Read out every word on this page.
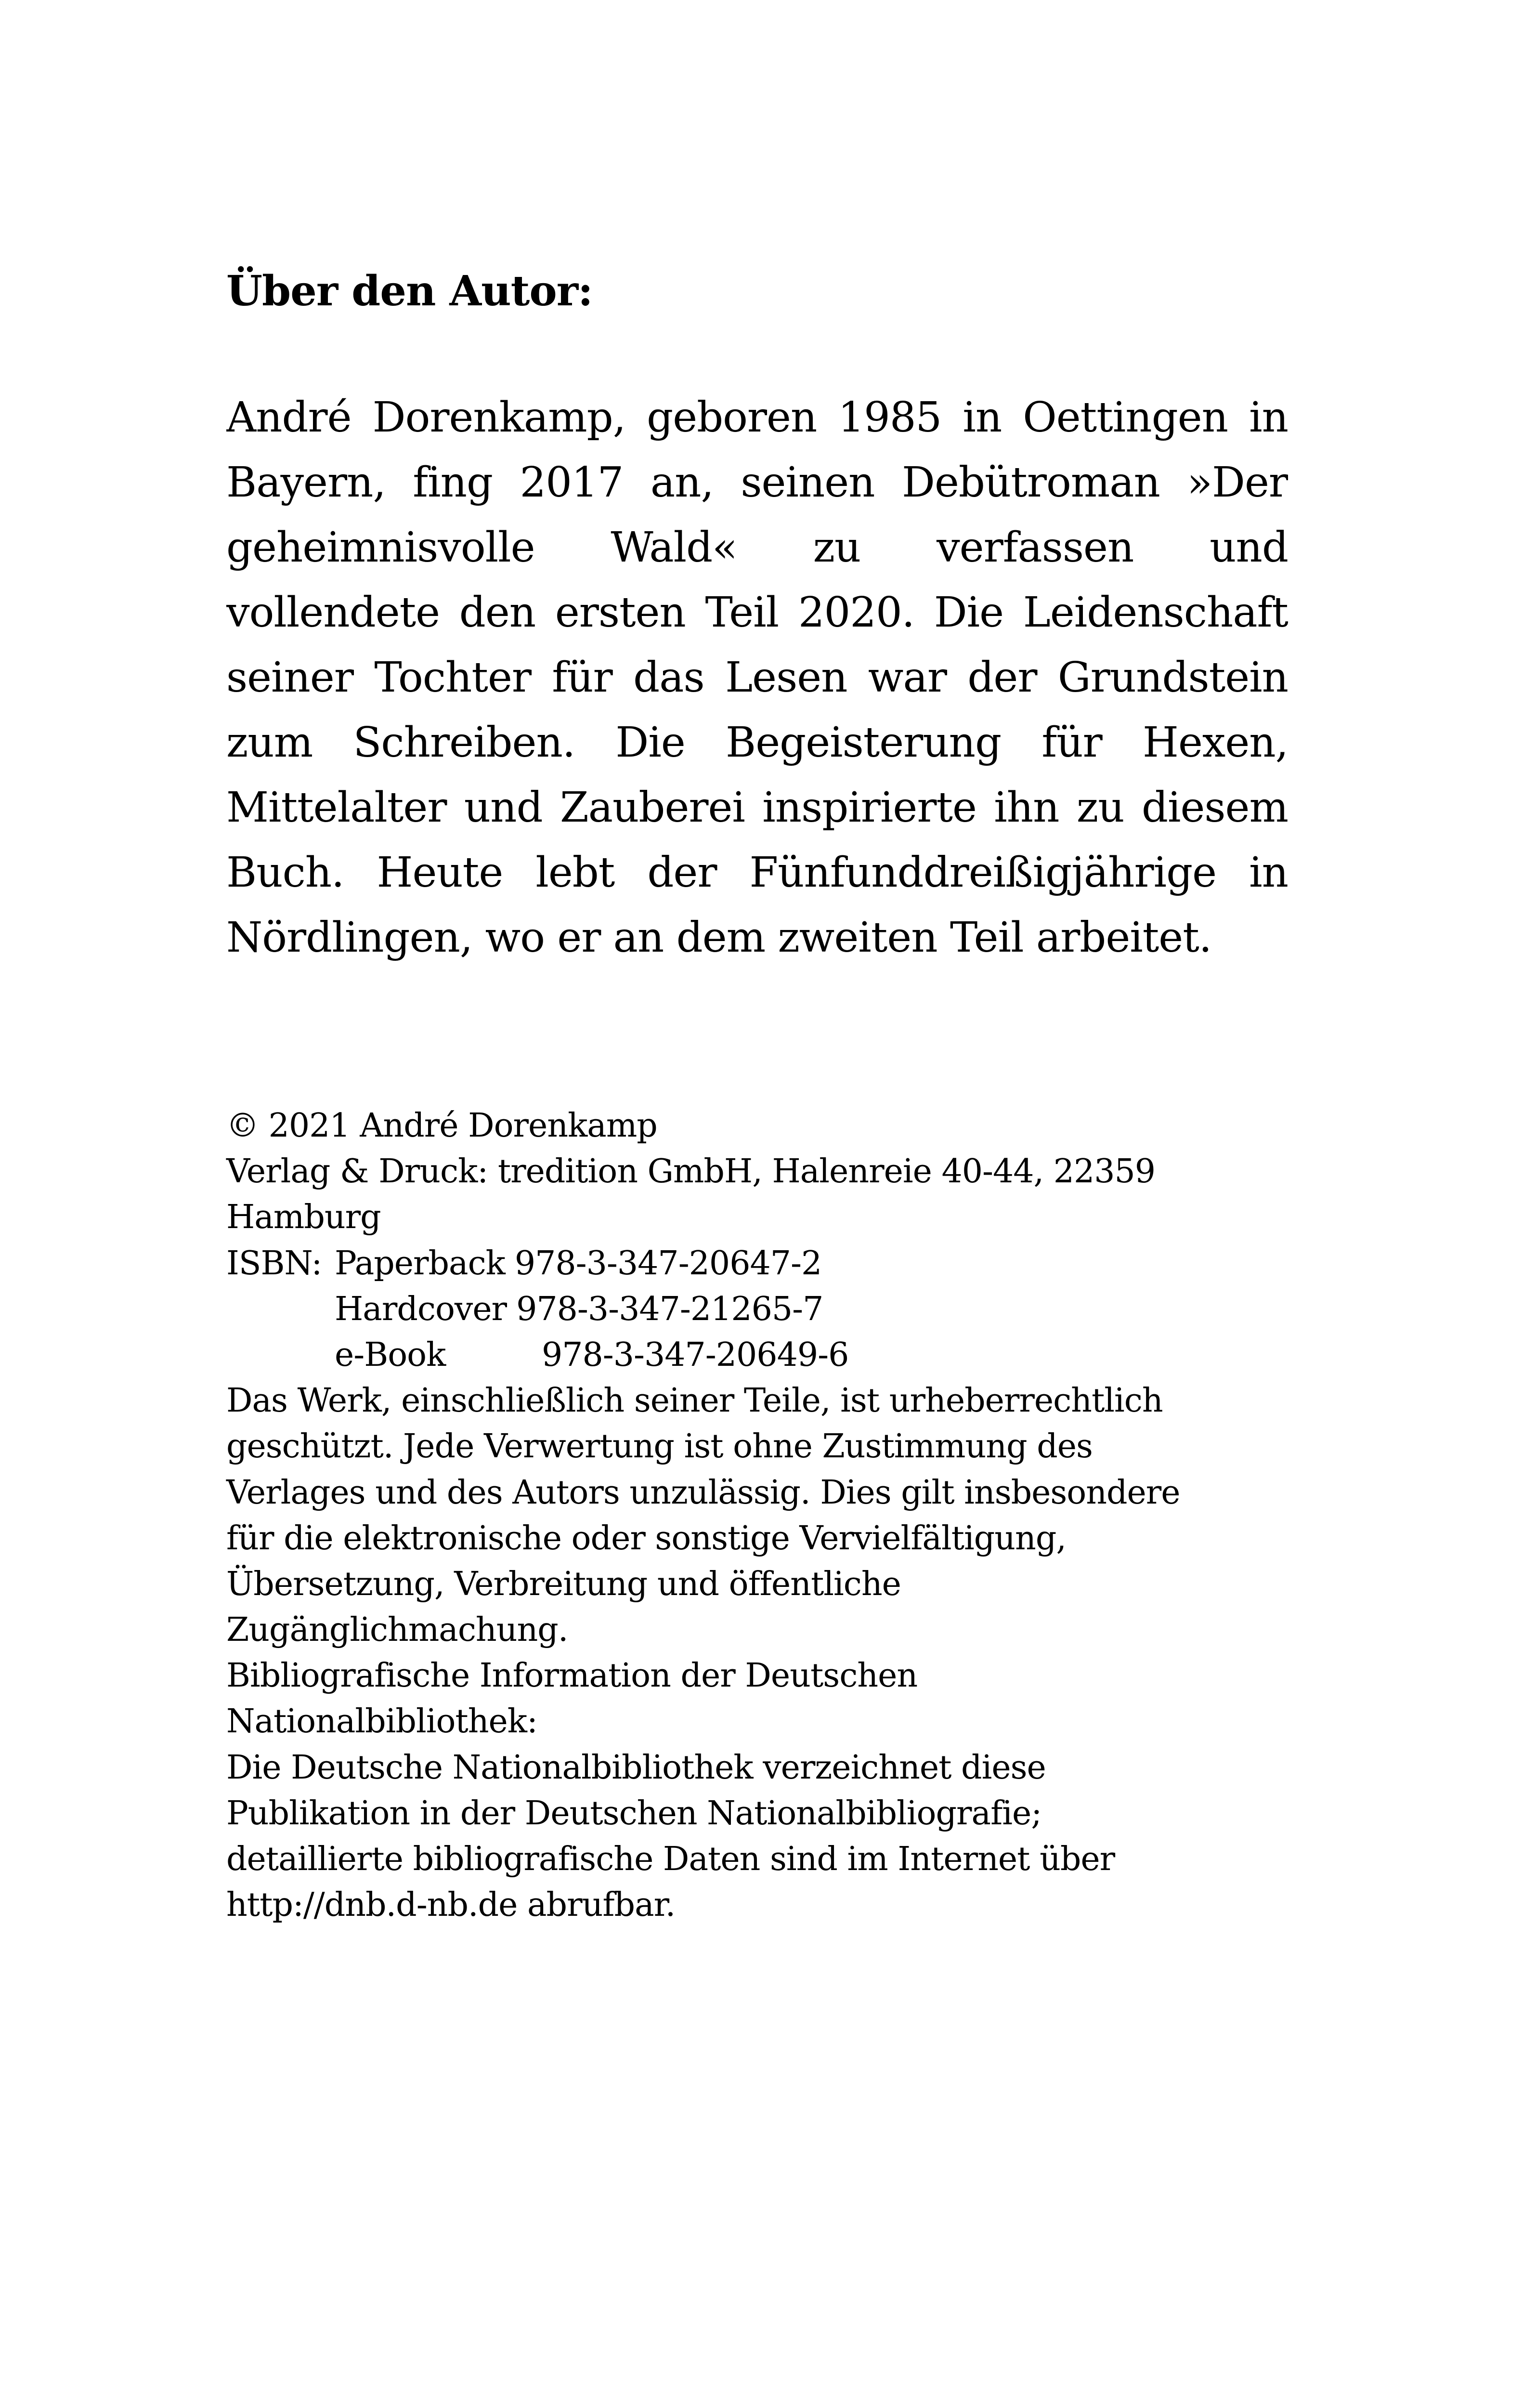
Über den Autor:
André Dorenkamp, geboren 1985 in Oettingen in
Bayern, fing 2017 an, seinen Debütroman »Der
geheimnisvolle Wald« zu verfassen und
vollendete den ersten Teil 2020. Die Leidenschaft
seiner Tochter für das Lesen war der Grundstein
zum Schreiben. Die Begeisterung für Hexen,
Mittelalter und Zauberei inspirierte ihn zu diesem
Buch. Heute lebt der Fünfunddreißigjährige in
Nördlingen, wo er an dem zweiten Teil arbeitet.
© 2021 André Dorenkamp
Verlag & Druck: tredition GmbH, Halenreie 40-44, 22359
Hamburg
ISBN: Paperback 978-3-347-20647-2
Hardcover 978-3-347-21265-7
e-Book	978-3-347-20649-6
Das Werk, einschließlich seiner Teile, ist urheberrechtlich
geschützt. Jede Verwertung ist ohne Zustimmung des
Verlages und des Autors unzulässig. Dies gilt insbesondere
für die elektronische oder sonstige Vervielfältigung,
Übersetzung, Verbreitung und öffentliche
Zugänglichmachung.
Bibliografische Information der Deutschen
Nationalbibliothek:
Die Deutsche Nationalbibliothek verzeichnet diese
Publikation in der Deutschen Nationalbibliografie;
detaillierte bibliografische Daten sind im Internet über
http://dnb.d-nb.de abrufbar.
